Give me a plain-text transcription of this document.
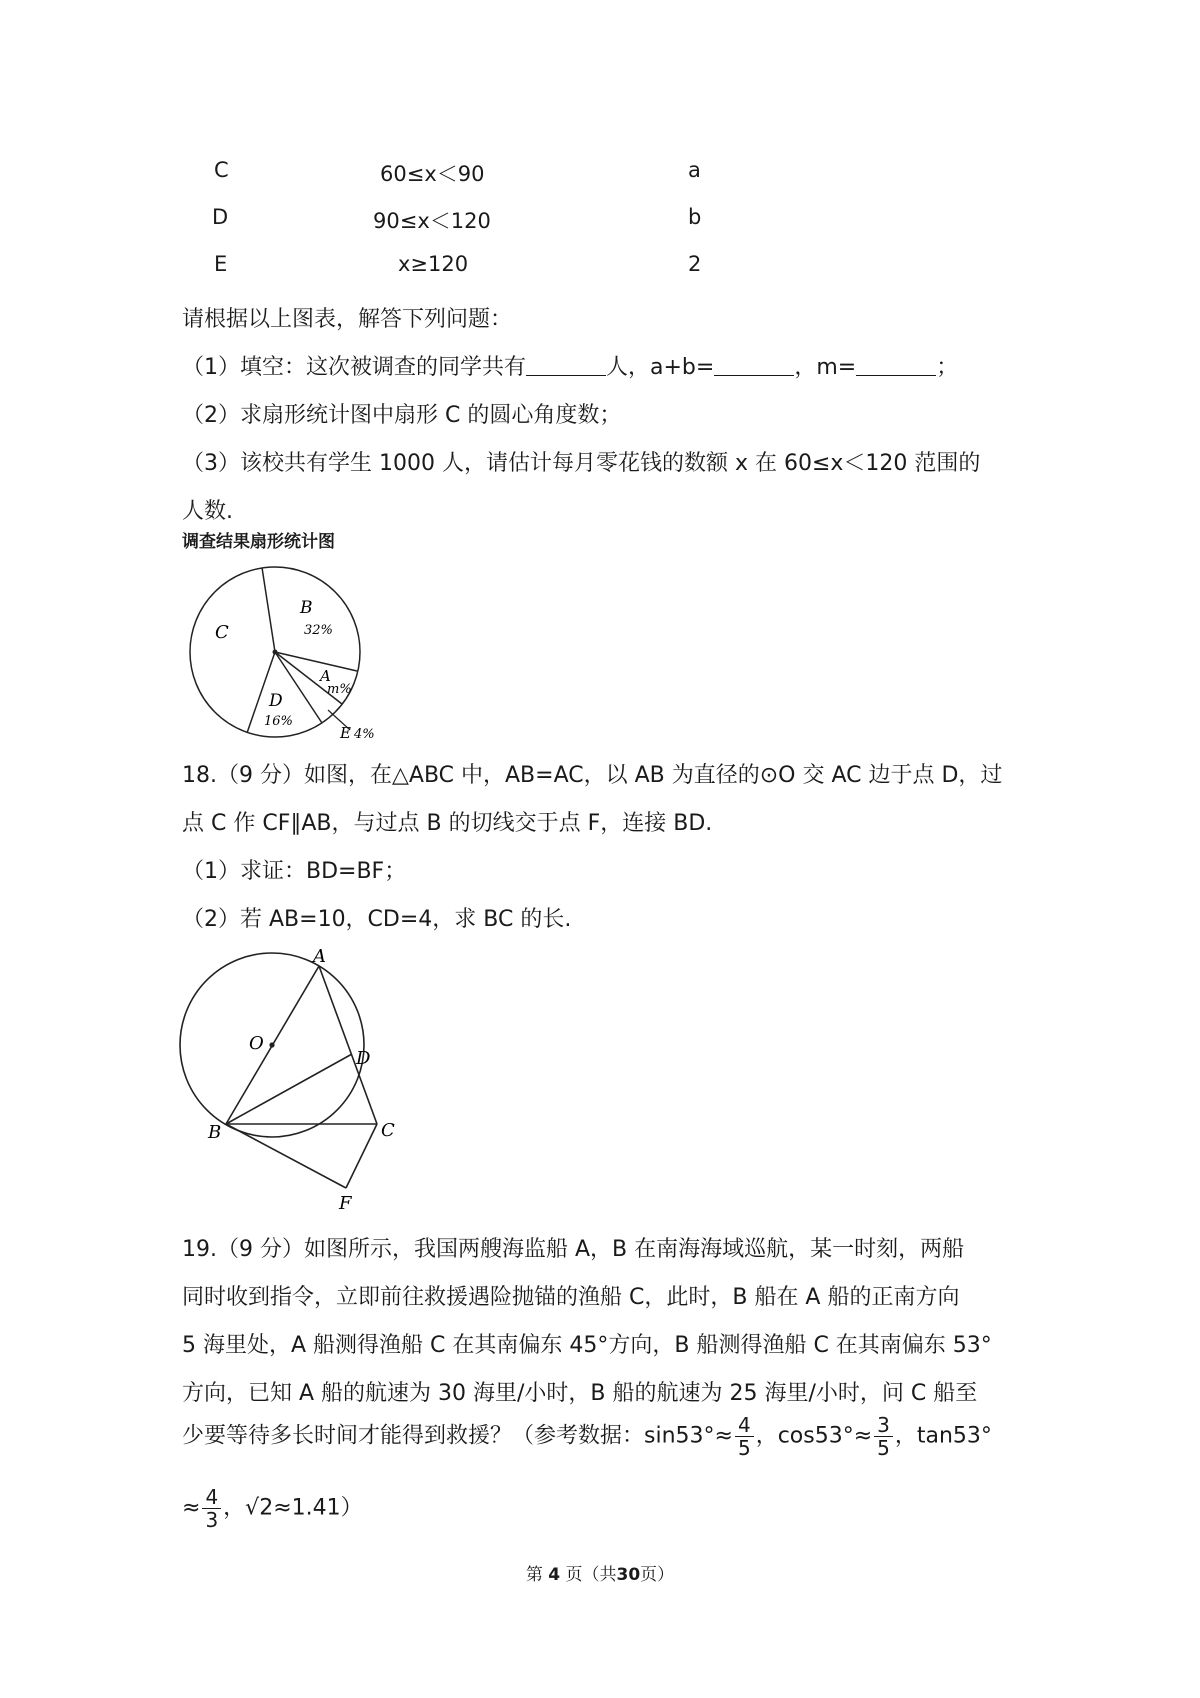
C	60≤x＜90	a
D	90≤x＜120	b
E	x≥120	2
请根据以上图表，解答下列问题：
（1）填空：这次被调查的同学共有	人，a+b=	，m=	；
（2）求扇形统计图中扇形 C 的圆心角度数；
（3）该校共有学生 1000 人，请估计每月零花钱的数额 x 在 60≤x＜120 范围的
人数.
调查结果扇形统计图
C
B
32%
A
m%
D
16%
E 4%
18.（9 分）如图，在△ABC 中，AB=AC，以 AB 为直径的⊙O 交 AC 边于点 D，过
点 C 作 CF∥AB，与过点 B 的切线交于点 F，连接 BD.
（1）求证：BD=BF；
（2）若 AB=10，CD=4，求 BC 的长.
A
O
D
B	C
F
19.（9 分）如图所示，我国两艘海监船 A，B 在南海海域巡航，某一时刻，两船
同时收到指令，立即前往救援遇险抛锚的渔船 C，此时，B 船在 A 船的正南方向
5 海里处，A 船测得渔船 C 在其南偏东 45°方向，B 船测得渔船 C 在其南偏东 53°
方向，已知 A 船的航速为 30 海里/小时，B 船的航速为 25 海里/小时，问 C 船至
少要等待多长时间才能得到救援？（参考数据：$\sin 53^\circ\approx \frac{4}{5}$ ，$\cos 53^\circ\approx \frac{3}{5}$ ，tan53°
≈ $\frac{4}{3}$ ，√2≈1.41）
第 4 页（共30页）
